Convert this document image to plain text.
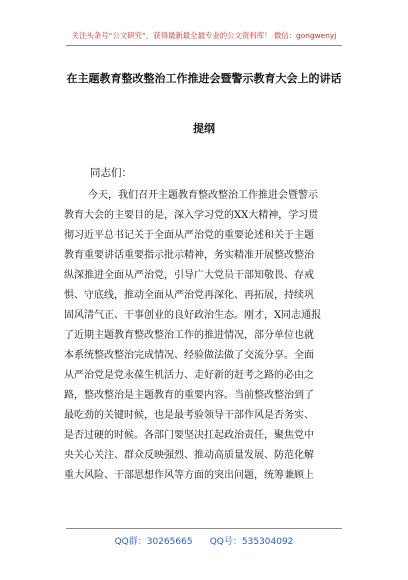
关注头条号“公文研究”，获得最新最全最专业的公文资料库！ 微信：gongwenyj
在主题教育整改整治工作推进会暨警示教育大会上的讲话
提纲
同志们：
今天，我们召开主题教育整改整治工作推进会暨警示
教育大会的主要目的是，深入学习党的XX大精神，学习贯
彻习近平总书记关于全面从严治党的重要论述和关于主题
教育重要讲话重要指示批示精神，务实精准开展整改整治
纵深推进全面从严治党，引导广大党员干部知敬畏、存戒
惧、守底线，推动全面从严治党再深化、再拓展，持续巩
固风清气正、干事创业的良好政治生态。刚才，X同志通报
了近期主题教育整改整治工作的推进情况，部分单位也就
本系统整改整治完成情况、经验做法做了交流分享。全面
从严治党是党永葆生机活力、走好新的赶考之路的必由之
路，整改整治是主题教育的重要内容。当前整改整治到了
最吃劲的关键时候，也是最考验领导干部作风是否务实、
是否过硬的时候。各部门要坚决扛起政治责任，聚焦党中
央关心关注、群众反映强烈、推动高质量发展、防范化解
重大风险、干部思想作风等方面的突出问题，统筹兼顾上
QQ群：30265665      QQ号：535304092
